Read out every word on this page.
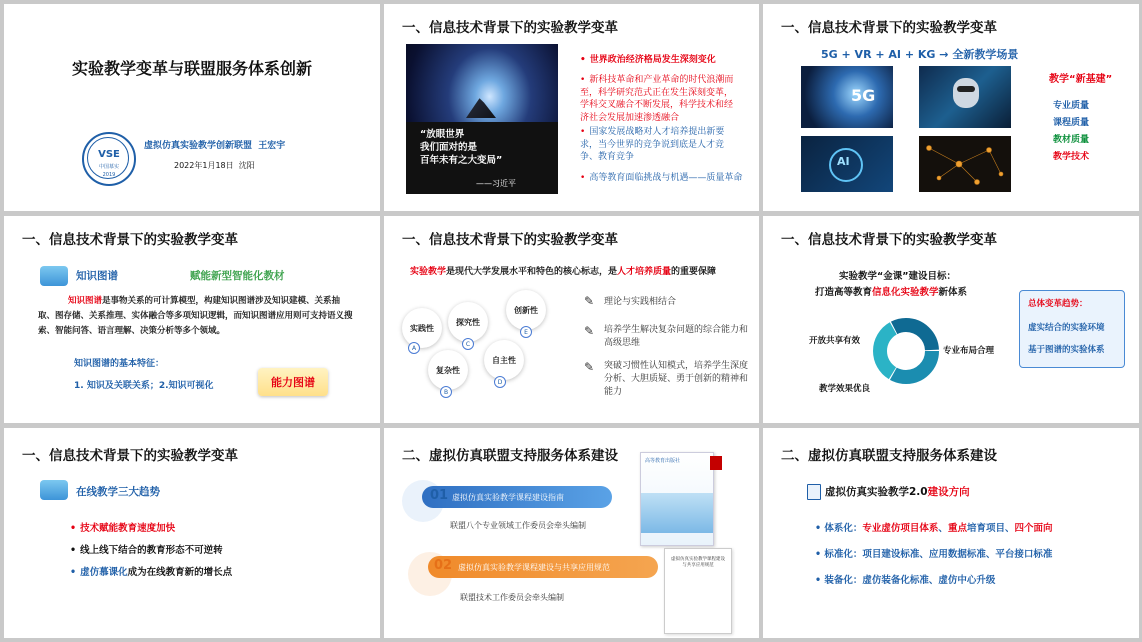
实验教学变革与联盟服务体系创新
VSE
中国慕实
2019
虚拟仿真实验教学创新联盟 王宏宇
2022年1月18日 沈阳
一、信息技术背景下的实验教学变革
“放眼世界
我们面对的是
百年未有之大变局”
——习近平
• 世界政治经济格局发生深刻变化
• 新科技革命和产业革命的时代浪潮而至，科学研究范式正在发生深刻变革，学科交叉融合不断发展，科学技术和经济社会发展加速渗透融合
• 国家发展战略对人才培养提出新要求，当今世界的竞争说到底是人才竞争、教育竞争
• 高等教育面临挑战与机遇——质量革命
一、信息技术背景下的实验教学变革
5G + VR + AI + KG → 全新教学场景
5G
AI
教学“新基建”
专业质量
课程质量
教材质量
教学技术
一、信息技术背景下的实验教学变革
知识图谱	赋能新型智能化教材
知识图谱是事物关系的可计算模型，构建知识图谱涉及知识建模、关系抽取、图存储、关系推理、实体融合等多项知识逻辑，而知识图谱应用则可支持语义搜索、智能问答、语言理解、决策分析等多个领域。
知识图谱的基本特征：
1. 知识及关联关系；2.知识可视化	能力图谱
一、信息技术背景下的实验教学变革
实验教学是现代大学发展水平和特色的核心标志，是人才培养质量的重要保障
实践性
A
探究性
C
创新性
E
复杂性
B
自主性
D
✎ 理论与实践相结合
✎ 培养学生解决复杂问题的综合能力和高级思维
✎ 突破习惯性认知模式，培养学生深度分析、大胆质疑、勇于创新的精神和能力
一、信息技术背景下的实验教学变革
实验教学“金课”建设目标：
打造高等教育信息化实验教学新体系
开放共享有效
专业布局合理
教学效果优良
总体变革趋势：
虚实结合的实验环境
基于图谱的实验体系
一、信息技术背景下的实验教学变革
在线教学三大趋势
• 技术赋能教育速度加快
• 线上线下结合的教育形态不可逆转
• 虚仿慕课化成为在线教育新的增长点
二、虚拟仿真联盟支持服务体系建设
虚拟仿真实验教学课程建设指南
01
联盟八个专业领域工作委员会牵头编制
虚拟仿真实验教学课程建设与共享应用规范
02
联盟技术工作委员会牵头编制
高等教育出版社
虚拟仿真实验教学课程建设与共享应用规范
二、虚拟仿真联盟支持服务体系建设
虚拟仿真实验教学2.0建设方向
• 体系化：专业虚仿项目体系、重点培育项目、四个面向
• 标准化：项目建设标准、应用数据标准、平台接口标准
• 装备化：虚仿装备化标准、虚仿中心升级
